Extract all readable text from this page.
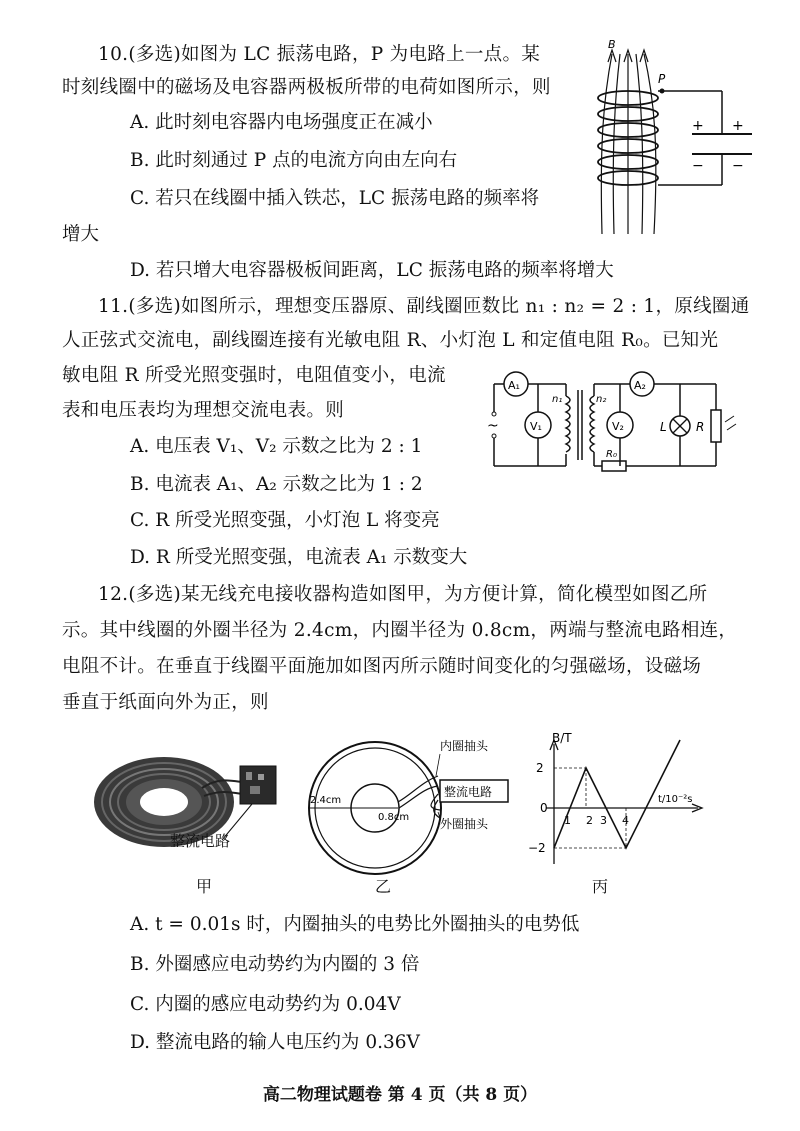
10.(多选)如图为 LC 振荡电路，P 为电路上一点。某
时刻线圈中的磁场及电容器两极板所带的电荷如图所示，则
A. 此时刻电容器内电场强度正在减小
B. 此时刻通过 P 点的电流方向由左向右
C. 若只在线圈中插入铁芯，LC 振荡电路的频率将
增大
D. 若只增大电容器极板间距离，LC 振荡电路的频率将增大
B
+ +
− −
P
11.(多选)如图所示，理想变压器原、副线圈匝数比 n₁ : n₂ = 2 : 1，原线圈通
人正弦式交流电，副线圈连接有光敏电阻 R、小灯泡 L 和定值电阻 R₀。已知光
敏电阻 R 所受光照变强时，电阻值变小，电流
表和电压表均为理想交流电表。则
A. 电压表 V₁、V₂ 示数之比为 2 : 1
B. 电流表 A₁、A₂ 示数之比为 1 : 2
C. R 所受光照变强，小灯泡 L 将变亮
D. R 所受光照变强，电流表 A₁ 示数变大
~
A₁
V₁
n₁	n₂
A₂
R₀
V₂	L R
12.(多选)某无线充电接收器构造如图甲，为方便计算，简化模型如图乙所
示。其中线圈的外圈半径为 2.4cm，内圈半径为 0.8cm，两端与整流电路相连，
电阻不计。在垂直于线圈平面施加如图丙所示随时间变化的匀强磁场，设磁场
垂直于纸面向外为正，则
整流电路
甲
2.4cm
0.8cm
整流电路
内圈抽头
外圈抽头
乙
B/T
t/10⁻²s
2
−2
0
1 2 3 4
丙
A. t = 0.01s 时，内圈抽头的电势比外圈抽头的电势低
B. 外圈感应电动势约为内圈的 3 倍
C. 内圈的感应电动势约为 0.04V
D. 整流电路的输人电压约为 0.36V
高二物理试题卷 第 4 页（共 8 页）
